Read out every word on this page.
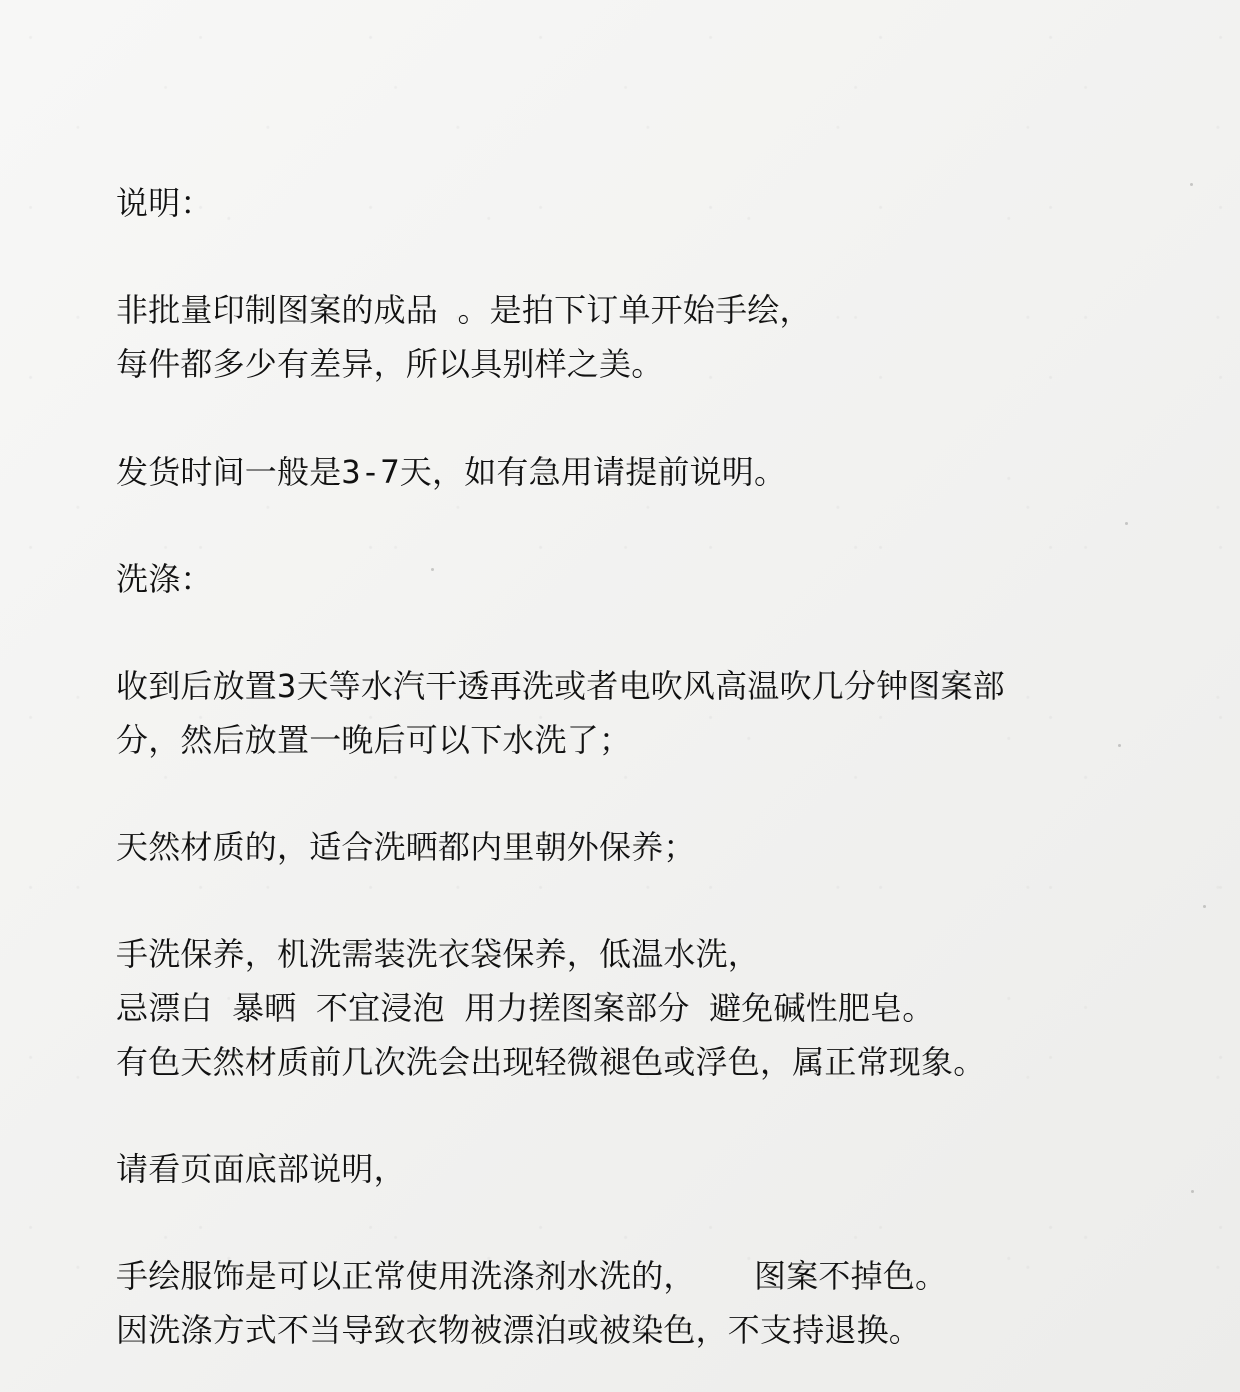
说明：
非批量印制图案的成品 。是拍下订单开始手绘，
每件都多少有差异，所以具别样之美。
发货时间一般是3-7天，如有急用请提前说明。
洗涤：
收到后放置3天等水汽干透再洗或者电吹风高温吹几分钟图案部
分，然后放置一晚后可以下水洗了；
天然材质的，适合洗晒都内里朝外保养；
手洗保养，机洗需装洗衣袋保养，低温水洗，
忌漂白 暴晒 不宜浸泡 用力搓图案部分 避免碱性肥皂。
有色天然材质前几次洗会出现轻微褪色或浮色，属正常现象。
请看页面底部说明，
手绘服饰是可以正常使用洗涤剂水洗的，   图案不掉色。
因洗涤方式不当导致衣物被漂泊或被染色，不支持退换。
